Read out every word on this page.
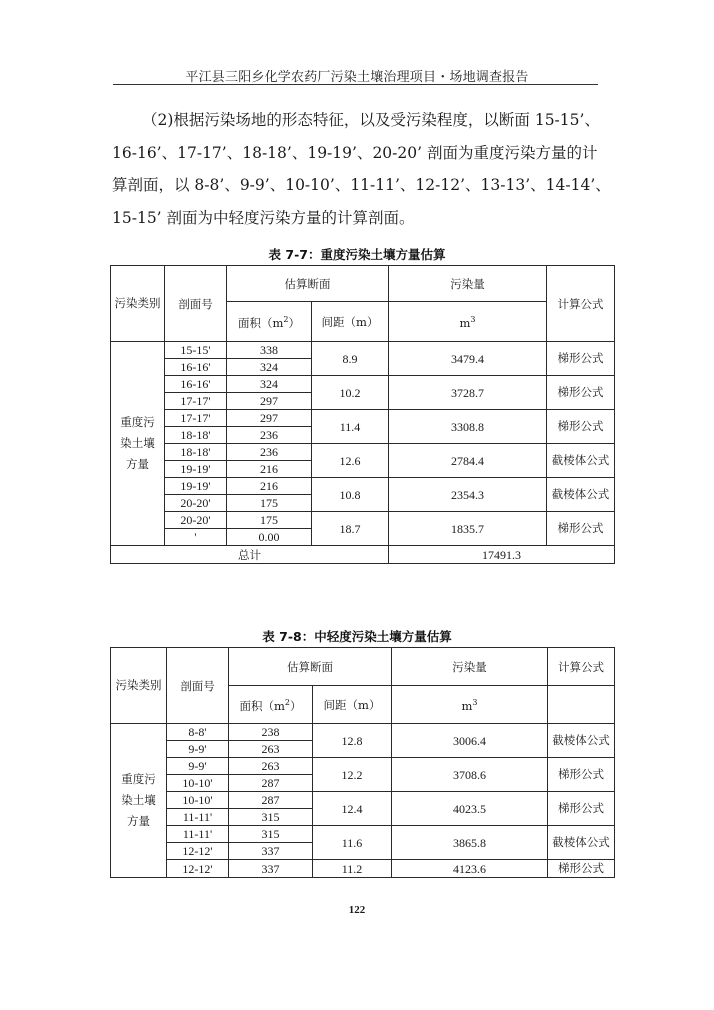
平江县三阳乡化学农药厂污染土壤治理项目・场地调查报告

（2)根据污染场地的形态特征，以及受污染程度，以断面 15-15’、

16-16’、17-17’、18-18’、19-19’、20-20’ 剖面为重度污染方量的计

算剖面，以 8-8’、9-9’、10-10’、11-11’、12-12’、13-13’、14-14’、

15-15’ 剖面为中轻度污染方量的计算剖面。

表 7-7：重度污染土壤方量估算
污染类别	剖面号	估算断面		污染量	计算公式
		面积$(m^2)$	间距（m）	$m^3$
重度污染土壤方量	15-15'	338	8.9	3479.4	梯形公式
	16-16'	324			
	16-16'	324	10.2	3728.7	梯形公式
	17-17'	297			
	17-17'	297	11.4	3308.8	梯形公式
	18-18'	236			
	18-18'	236	12.6	2784.4	截棱体公式
	19-19'	216			
	19-19'	216	10.8	2354.3	截棱体公式
	20-20'	175			
	20-20'	175	18.7	1835.7	梯形公式
	'	0.00			
总计				17491.3	
表 7-8：中轻度污染土壤方量估算
污染类别	剖面号	估算断面		污染量	计算公式
		面积$(m^2)$	间距（m）	$m^3$	
重度污染土壤方量	8-8'	238	12.8	3006.4	截棱体公式
	9-9'	263			
	9-9'	263	12.2	3708.6	梯形公式
	10-10'	287			
	10-10'	287	12.4	4023.5	梯形公式
	11-11'	315			
	11-11'	315	11.6	3865.8	截棱体公式
	12-12'	337			
	12-12'	337	11.2	4123.6	梯形公式
122
